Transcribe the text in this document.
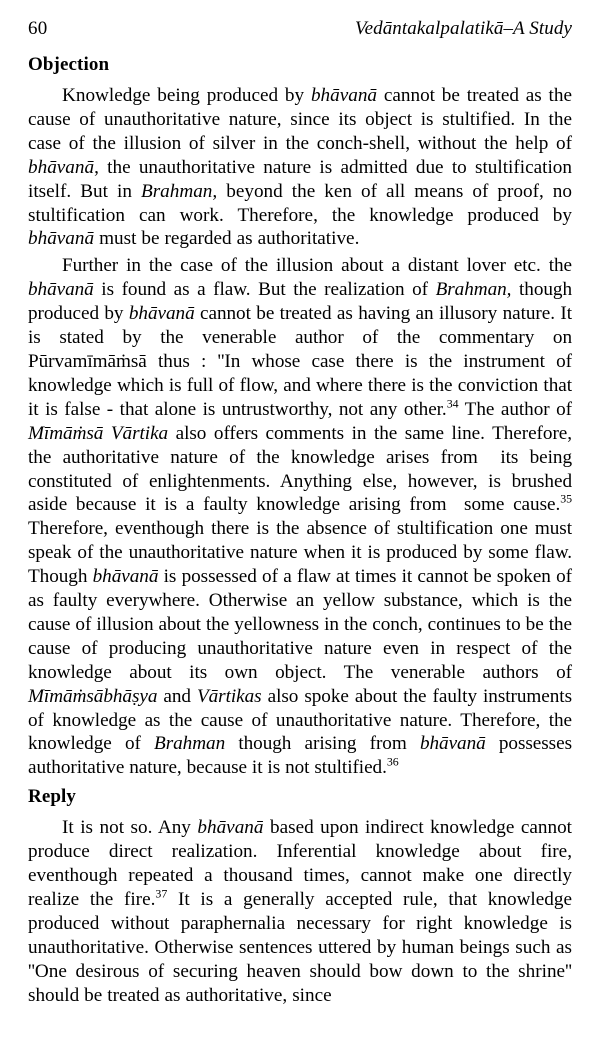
60	Vedāntakalpalatikā–A Study
Objection

Knowledge being produced by bhāvanā cannot be treated as the cause of unauthoritative nature, since its object is stultified. In the case of the illusion of silver in the conch-shell, without the help of bhāvanā, the unauthoritative nature is admitted due to stultification itself. But in Brahman, beyond the ken of all means of proof, no stultification can work. Therefore, the knowledge produced by bhāvanā must be regarded as authoritative.

Further in the case of the illusion about a distant lover etc. the bhāvanā is found as a flaw. But the realization of Brahman, though produced by bhāvanā cannot be treated as having an illusory nature. It is stated by the venerable author of the commentary on Pūrvamīmāṁsā thus : ''In whose case there is the instrument of knowledge which is full of flow, and where there is the conviction that it is false - that alone is untrustworthy, not any other.$^{34}$ The author of Mīmāṁsā Vārtika also offers comments in the same line. Therefore, the authoritative nature of the knowledge arises from  its being constituted of enlightenments. Anything else, however, is brushed aside because it is a faulty knowledge arising from  some cause.$^{35}$ Therefore, eventhough there is the absence of stultification one must speak of the unauthoritative nature when it is produced by some flaw. Though bhāvanā is possessed of a flaw at times it cannot be spoken of as faulty everywhere. Otherwise an yellow substance, which is the cause of illusion about the yellowness in the conch, continues to be the cause of producing unauthoritative nature even in respect of the knowledge about its own object. The venerable authors of Mīmāṁsābhāṣya and Vārtikas also spoke about the faulty instruments of knowledge as the cause of unauthoritative nature. Therefore, the knowledge of Brahman though arising from bhāvanā possesses authoritative nature, because it is not stultified.$^{36}$

Reply

It is not so. Any bhāvanā based upon indirect knowledge cannot produce direct realization. Inferential knowledge about fire, eventhough repeated a thousand times, cannot make one directly realize the fire.$^{37}$ It is a generally accepted rule, that knowledge produced without paraphernalia necessary for right knowledge is unauthoritative. Otherwise sentences uttered by human beings such as ''One desirous of securing heaven should bow down to the shrine'' should be treated as authoritative, since
